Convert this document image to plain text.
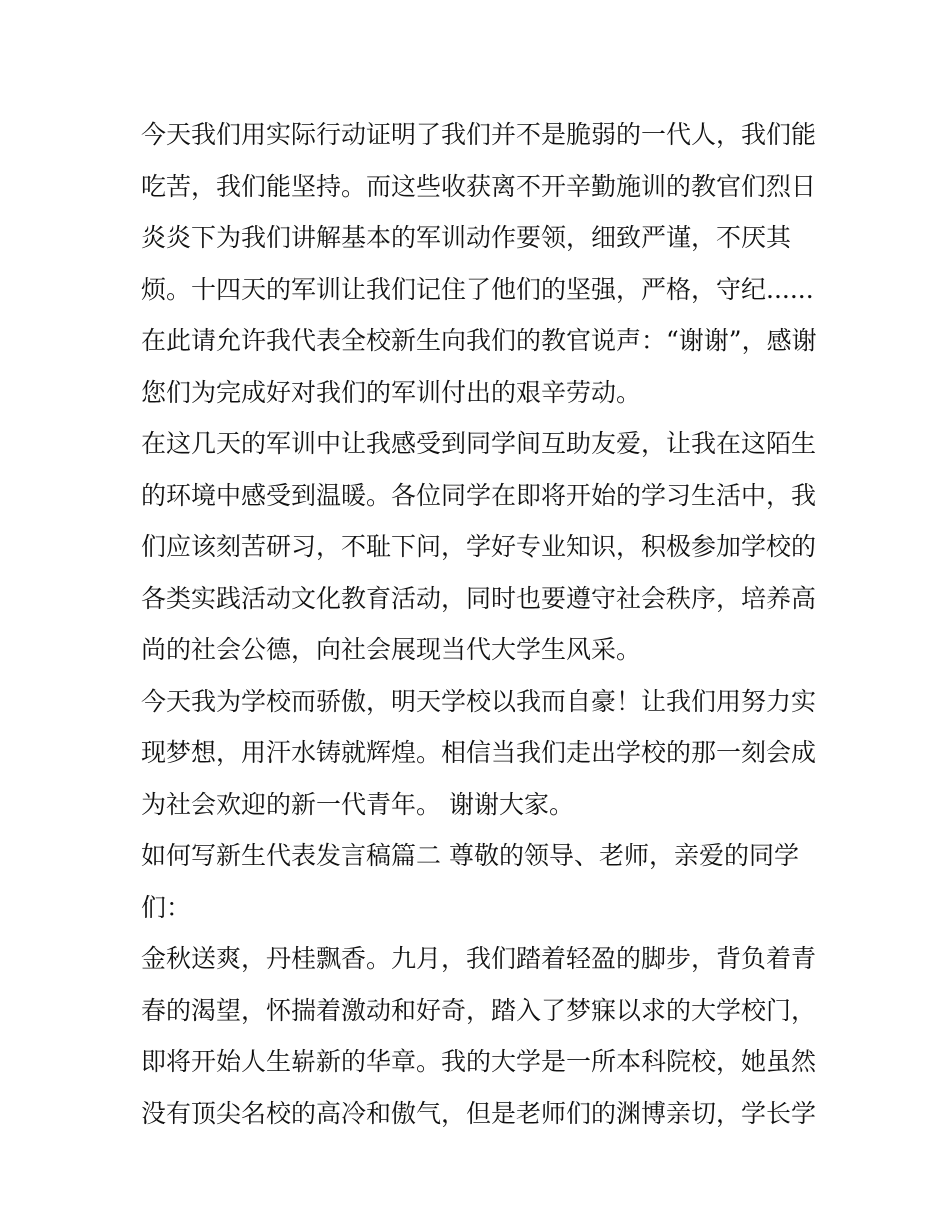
今天我们用实际行动证明了我们并不是脆弱的一代人，我们能
吃苦，我们能坚持。而这些收获离不开辛勤施训的教官们烈日
炎炎下为我们讲解基本的军训动作要领，细致严谨，不厌其
烦。十四天的军训让我们记住了他们的坚强，严格，守纪......
在此请允许我代表全校新生向我们的教官说声：“谢谢”，感谢
您们为完成好对我们的军训付出的艰辛劳动。
在这几天的军训中让我感受到同学间互助友爱，让我在这陌生
的环境中感受到温暖。各位同学在即将开始的学习生活中，我
们应该刻苦研习，不耻下问，学好专业知识，积极参加学校的
各类实践活动文化教育活动，同时也要遵守社会秩序，培养高
尚的社会公德，向社会展现当代大学生风采。
今天我为学校而骄傲，明天学校以我而自豪！让我们用努力实
现梦想，用汗水铸就辉煌。相信当我们走出学校的那一刻会成
为社会欢迎的新一代青年。 谢谢大家。
如何写新生代表发言稿篇二 尊敬的领导、老师，亲爱的同学
们：
金秋送爽，丹桂飘香。九月，我们踏着轻盈的脚步，背负着青
春的渴望，怀揣着激动和好奇，踏入了梦寐以求的大学校门，
即将开始人生崭新的华章。我的大学是一所本科院校，她虽然
没有顶尖名校的高冷和傲气，但是老师们的渊博亲切，学长学
